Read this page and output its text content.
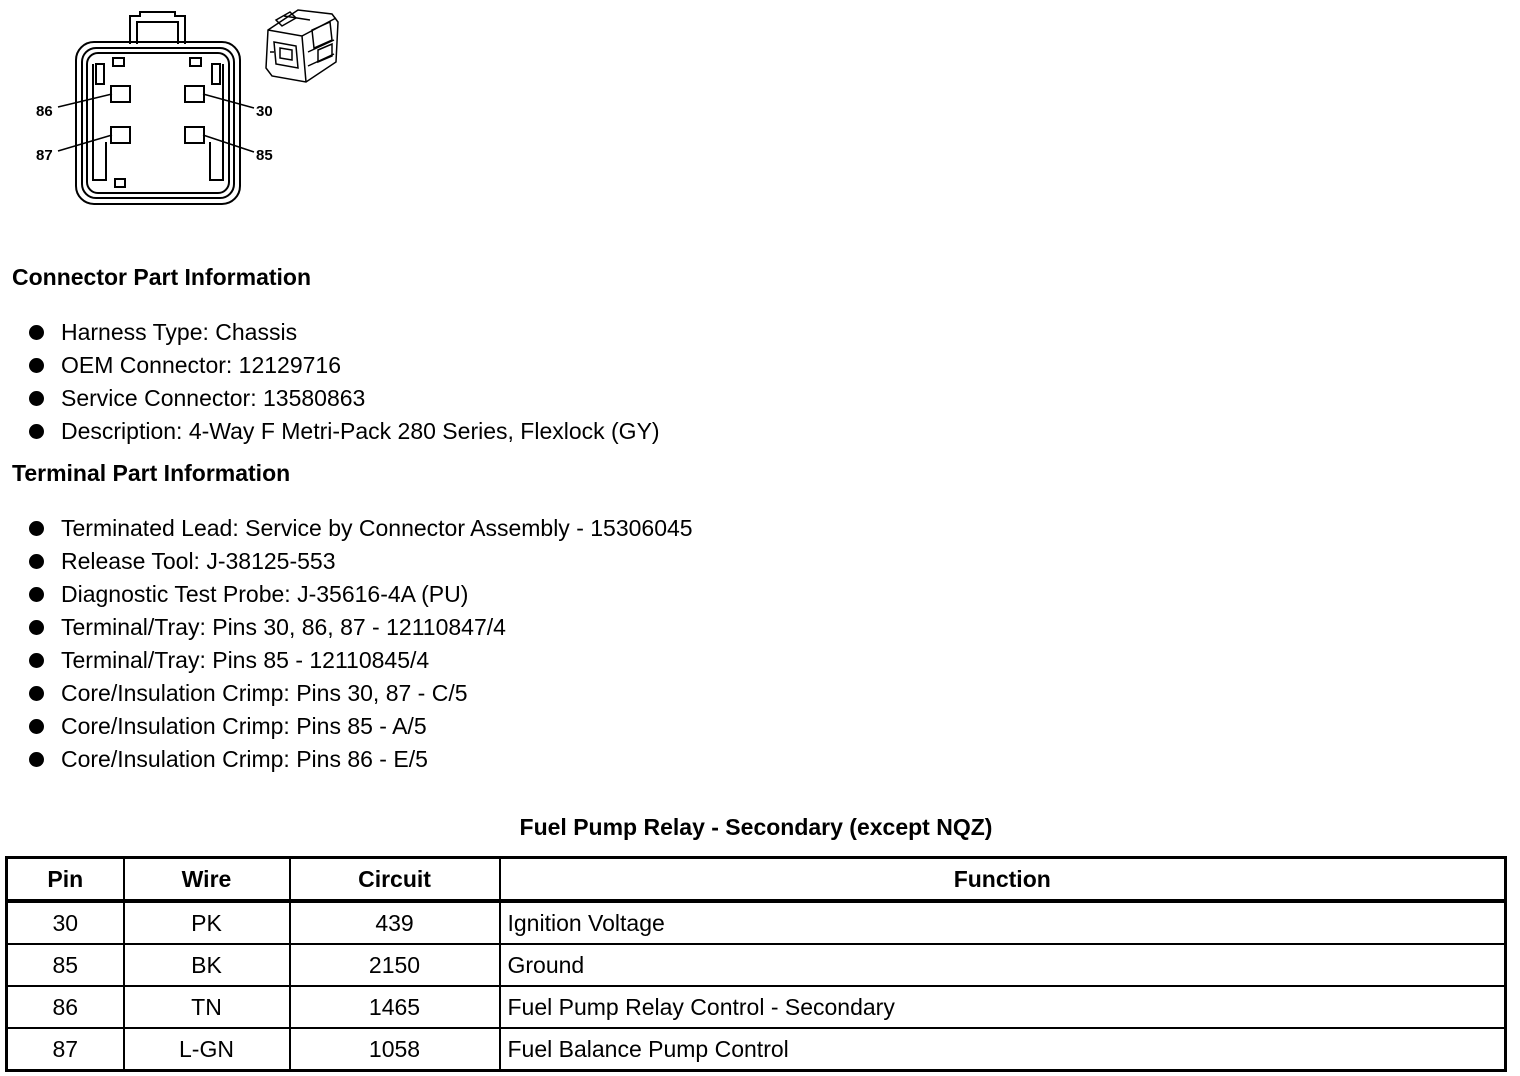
86
87
30
85
Connector Part Information
Harness Type: Chassis
OEM Connector: 12129716
Service Connector: 13580863
Description: 4-Way F Metri-Pack 280 Series, Flexlock (GY)
Terminal Part Information
Terminated Lead: Service by Connector Assembly - 15306045
Release Tool: J-38125-553
Diagnostic Test Probe: J-35616-4A (PU)
Terminal/Tray: Pins 30, 86, 87 - 12110847/4
Terminal/Tray: Pins 85 - 12110845/4
Core/Insulation Crimp: Pins 30, 87 - C/5
Core/Insulation Crimp: Pins 85 - A/5
Core/Insulation Crimp: Pins 86 - E/5
Fuel Pump Relay - Secondary (except NQZ)
Pin	Wire	Circuit	Function
30	PK	439	Ignition Voltage
85	BK	2150	Ground
86	TN	1465	Fuel Pump Relay Control - Secondary
87	L-GN	1058	Fuel Balance Pump Control
